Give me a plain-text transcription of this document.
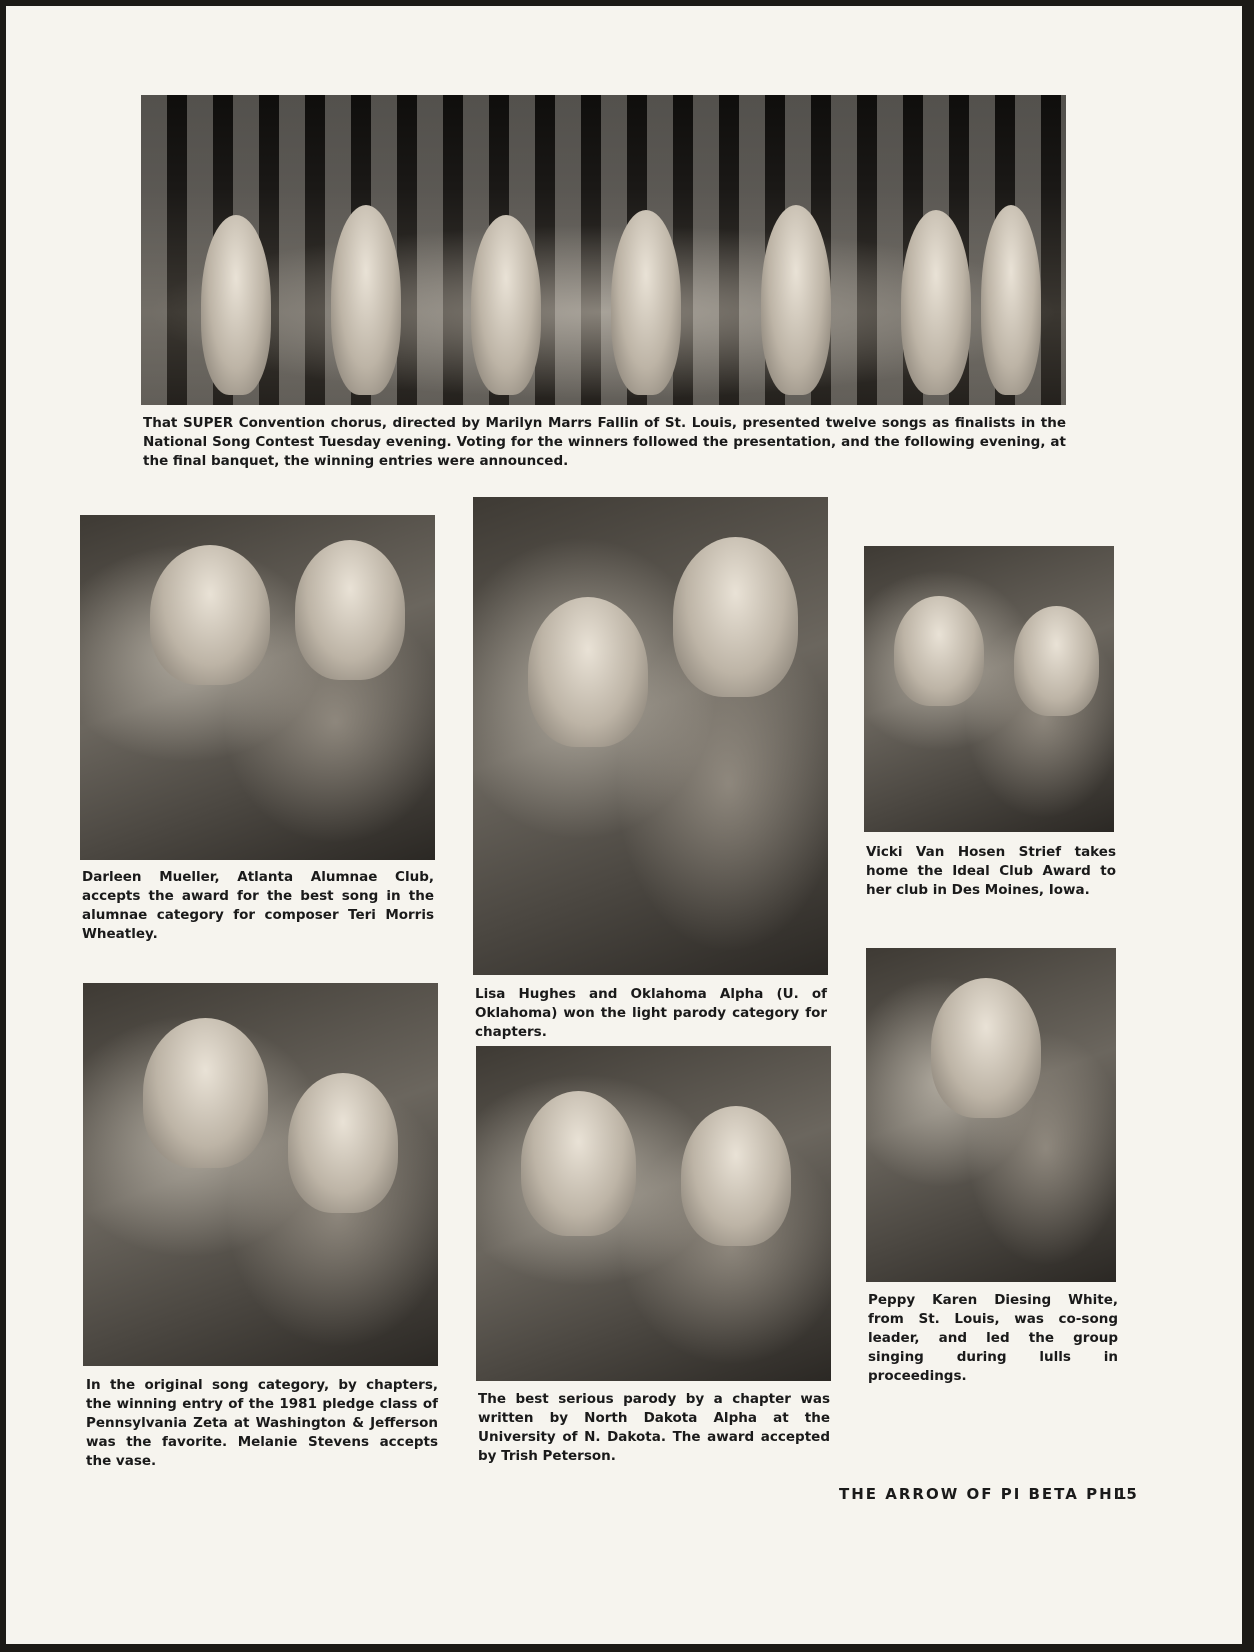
That SUPER Convention chorus, directed by Marilyn Marrs Fallin of St. Louis, presented twelve songs as finalists in the National Song Contest Tuesday evening. Voting for the winners followed the presentation, and the following evening, at the final banquet, the winning entries were announced.

Darleen Mueller, Atlanta Alumnae Club, accepts the award for the best song in the alumnae category for composer Teri Morris Wheatley.

Lisa Hughes and Oklahoma Alpha (U. of Oklahoma) won the light parody category for chapters.

Vicki Van Hosen Strief takes home the Ideal Club Award to her club in Des Moines, Iowa.

In the original song category, by chapters, the winning entry of the 1981 pledge class of Pennsylvania Zeta at Washington & Jefferson was the favorite. Melanie Stevens accepts the vase.

The best serious parody by a chapter was written by North Dakota Alpha at the University of N. Dakota. The award accepted by Trish Peterson.

Peppy Karen Diesing White, from St. Louis, was co-song leader, and led the group singing during lulls in proceedings.

THE ARROW OF PI BETA PHI

15
